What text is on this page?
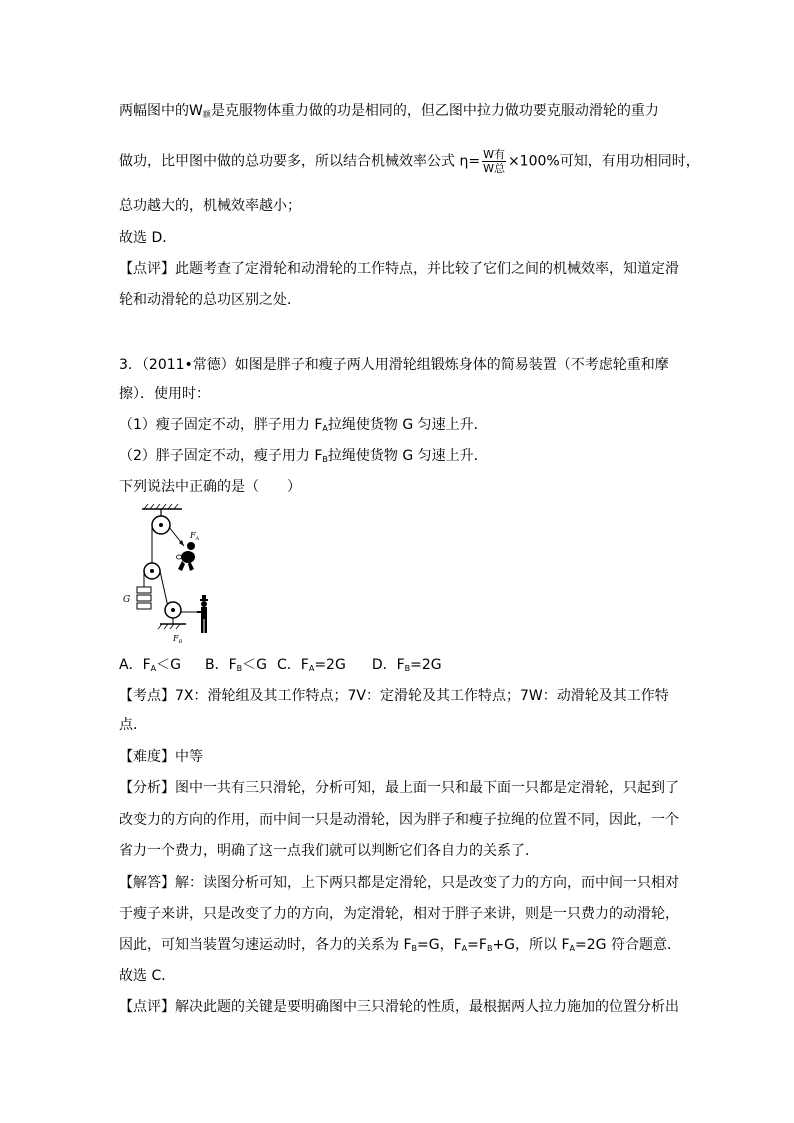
两幅图中的$W_额$是克服物体重力做的功是相同的，但乙图中拉力做功要克服动滑轮的重力
做功，比甲图中做的总功要多，所以结合机械效率公式 $\eta= \frac{\text{W有}}{\text{W总}} \times 100\%$可知，有用功相同时，
总功越大的，机械效率越小；
故选 D．
【点评】此题考查了定滑轮和动滑轮的工作特点，并比较了它们之间的机械效率，知道定滑
轮和动滑轮的总功区别之处．
3．（2011•常德）如图是胖子和瘦子两人用滑轮组锻炼身体的简易装置（不考虑轮重和摩
擦）．使用时：
（1）瘦子固定不动，胖子用力 $F_A$拉绳使货物 G 匀速上升．
（2）胖子固定不动，瘦子用力 $F_B$拉绳使货物 G 匀速上升．
下列说法中正确的是（　　）
G
$F_A$
$F_B$
A．$F_A<G$ B．$F_B<G$ C．$F_A=2G$ D．$F_B=2G$
【考点】7X：滑轮组及其工作特点；7V：定滑轮及其工作特点；7W：动滑轮及其工作特
点．
【难度】中等
【分析】图中一共有三只滑轮，分析可知，最上面一只和最下面一只都是定滑轮，只起到了
改变力的方向的作用，而中间一只是动滑轮，因为胖子和瘦子拉绳的位置不同，因此，一个
省力一个费力，明确了这一点我们就可以判断它们各自力的关系了．
【解答】解：读图分析可知，上下两只都是定滑轮，只是改变了力的方向，而中间一只相对
于瘦子来讲，只是改变了力的方向，为定滑轮，相对于胖子来讲，则是一只费力的动滑轮，
因此，可知当装置匀速运动时，各力的关系为 $F_B=G$，$F_A=F_B+G$，所以 $F_A=2G$ 符合题意．
故选 C．
【点评】解决此题的关键是要明确图中三只滑轮的性质，最根据两人拉力施加的位置分析出
